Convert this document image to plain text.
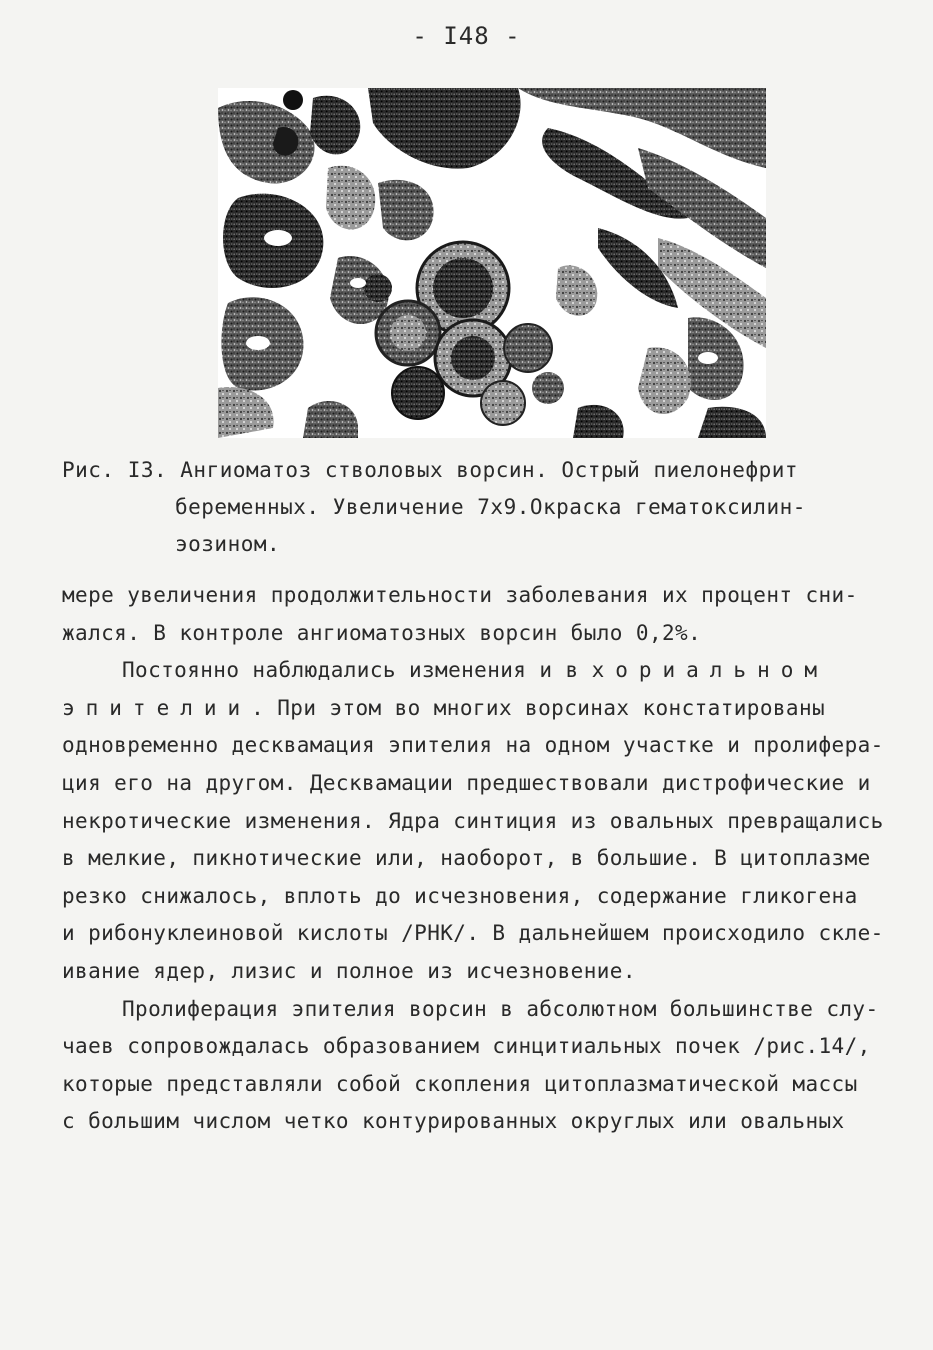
- I48 -
Рис. I3. Ангиоматоз стволовых ворсин. Острый пиелонефрит
беременных. Увеличение 7х9.Окраска гематоксилин-
эозином.
мере увеличения продолжительности заболевания их процент сни-
жался. В контроле ангиоматозных ворсин было 0,2%.
Постоянно наблюдались изменения и в хориальном
эпителии. При этом во многих ворсинах констатированы
одновременно десквамация эпителия на одном участке и пролифера-
ция его на другом. Десквамации предшествовали дистрофические и
некротические изменения. Ядра синтиция из овальных превращались
в мелкие, пикнотические или, наоборот, в большие. В цитоплазме
резко снижалось, вплоть до исчезновения, содержание гликогена
и рибонуклеиновой кислоты /РНК/. В дальнейшем происходило скле-
ивание ядер, лизис и полное из исчезновение.
Пролиферация эпителия ворсин в абсолютном большинстве слу-
чаев сопровождалась образованием синцитиальных почек /рис.14/,
которые представляли собой скопления цитоплазматической массы
с большим числом четко контурированных округлых или овальных
